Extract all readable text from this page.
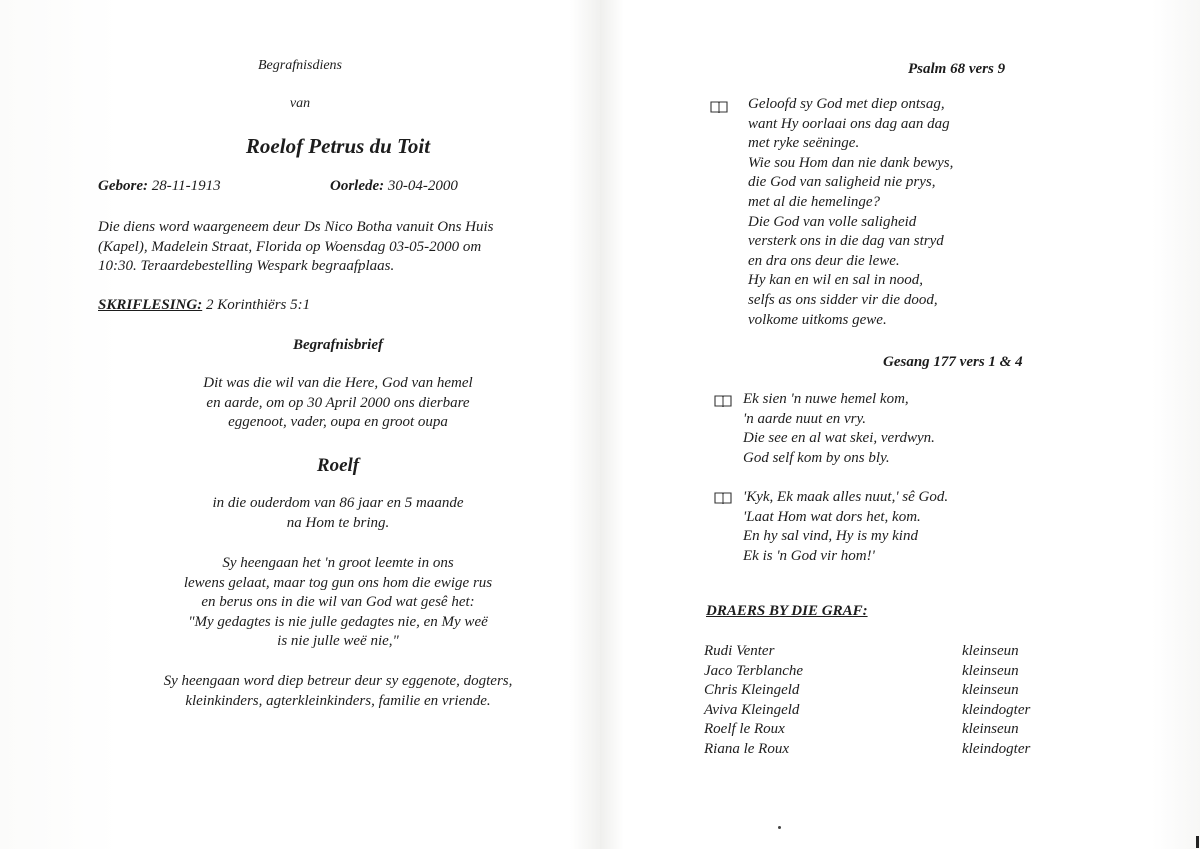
Begrafnisdiens
van
Roelof Petrus du Toit
Gebore: 28-11-1913	Oorlede: 30-04-2000
Die diens word waargeneem deur Ds Nico Botha vanuit Ons Huis
(Kapel), Madelein Straat, Florida op Woensdag 03-05-2000 om
10:30. Teraardebestelling Wespark begraafplaas.
SKRIFLESING: 2 Korinthiërs 5:1
Begrafnisbrief
Dit was die wil van die Here, God van hemel
en aarde, om op 30 April 2000 ons dierbare
eggenoot, vader, oupa en groot oupa
Roelf
in die ouderdom van 86 jaar en 5 maande
na Hom te bring.
Sy heengaan het 'n groot leemte in ons
lewens gelaat, maar tog gun ons hom die ewige rus
en berus ons in die wil van God wat gesê het:
"My gedagtes is nie julle gedagtes nie, en My weë
is nie julle weë nie,"
Sy heengaan word diep betreur deur sy eggenote, dogters,
kleinkinders, agterkleinkinders, familie en vriende.
Psalm 68 vers 9
Geloofd sy God met diep ontsag,
want Hy oorlaai ons dag aan dag
met ryke seëninge.
Wie sou Hom dan nie dank bewys,
die God van saligheid nie prys,
met al die hemelinge?
Die God van volle saligheid
versterk ons in die dag van stryd
en dra ons deur die lewe.
Hy kan en wil en sal in nood,
selfs as ons sidder vir die dood,
volkome uitkoms gewe.
Gesang 177 vers 1 & 4
Ek sien 'n nuwe hemel kom,
'n aarde nuut en vry.
Die see en al wat skei, verdwyn.
God self kom by ons bly.
'Kyk, Ek maak alles nuut,' sê God.
'Laat Hom wat dors het, kom.
En hy sal vind, Hy is my kind
Ek is 'n God vir hom!'
DRAERS BY DIE GRAF:
Rudi Venter	kleinseun
Jaco Terblanche	kleinseun
Chris Kleingeld	kleinseun
Aviva Kleingeld	kleindogter
Roelf le Roux	kleinseun
Riana le Roux	kleindogter
